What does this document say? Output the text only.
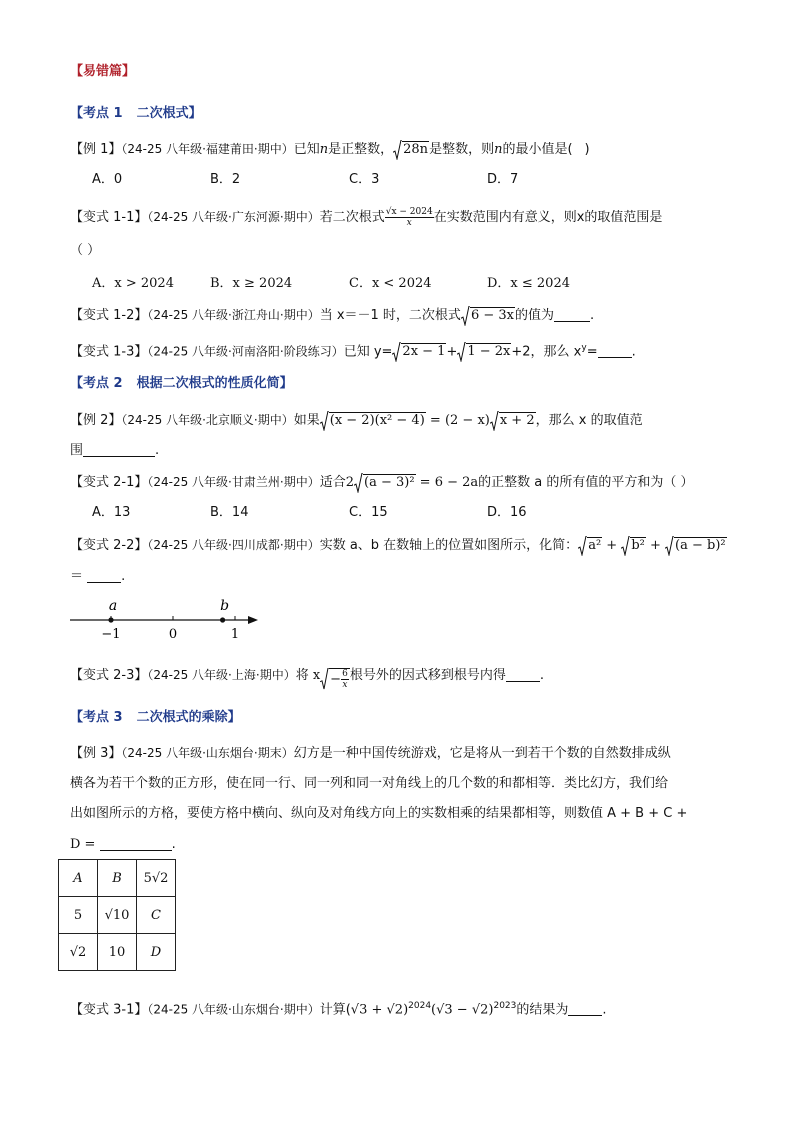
【易错篇】
【考点 1 二次根式】
【例 1】（24-25 八年级·福建莆田·期中）已知n是正整数， 28n是整数，则n的最小值是( )
A．0	B．2	C．3	D．7
【变式 1-1】（24-25 八年级·广东河源·期中）若二次根式 $\frac{√x - 2024}{x}$ 在实数范围内有意义，则x的取值范围是
（ ）
A．x > 2024	B．x ≥ 2024	C．x < 2024	D．x ≤ 2024
【变式 1-2】（24-25 八年级·浙江舟山·期中）当 x＝－1 时，二次根式 6 − 3x的值为	.
【变式 1-3】（24-25 八年级·河南洛阳·阶段练习）已知 y= 2x − 1+ 1 − 2x+2，那么 $x^y=$	.
【考点 2 根据二次根式的性质化简】
【例 2】（24-25 八年级·北京顺义·期中）如果 (x − 2)(x² − 4) = (2 − x) x + 2，那么 x 的取值范
围	.
【变式 2-1】（24-25 八年级·甘肃兰州·期中）适合2 (a − 3)² = 6 − 2a的正整数 a 的所有值的平方和为（ ）
A．13	B．14	C．15	D．16
【变式 2-2】（24-25 八年级·四川成都·期中）实数 a、b 在数轴上的位置如图所示，化简： a² +
b² +
(a − b)²
＝	.
−1	0	1
a	b
【变式 2-3】（24-25 八年级·上海·期中）将 $x - \frac{6}{x}$ 根号外的因式移到根号内得	.
【考点 3 二次根式的乘除】
【例 3】（24-25 八年级·山东烟台·期末）幻方是一种中国传统游戏，它是将从一到若干个数的自然数排成纵
横各为若干个数的正方形，使在同一行、同一列和同一对角线上的几个数的和都相等．类比幻方，我们给
出如图所示的方格，要使方格中横向、纵向及对角线方向上的实数相乘的结果都相等，则数值 A + B + C +
D =	.
A	B	5√2
5	√10	C
√2	10	D
【变式 3-1】（24-25 八年级·山东烟台·期中）计算$(√3 + √2)^{2024}(√3 - √2)^{2023}$的结果为	.
